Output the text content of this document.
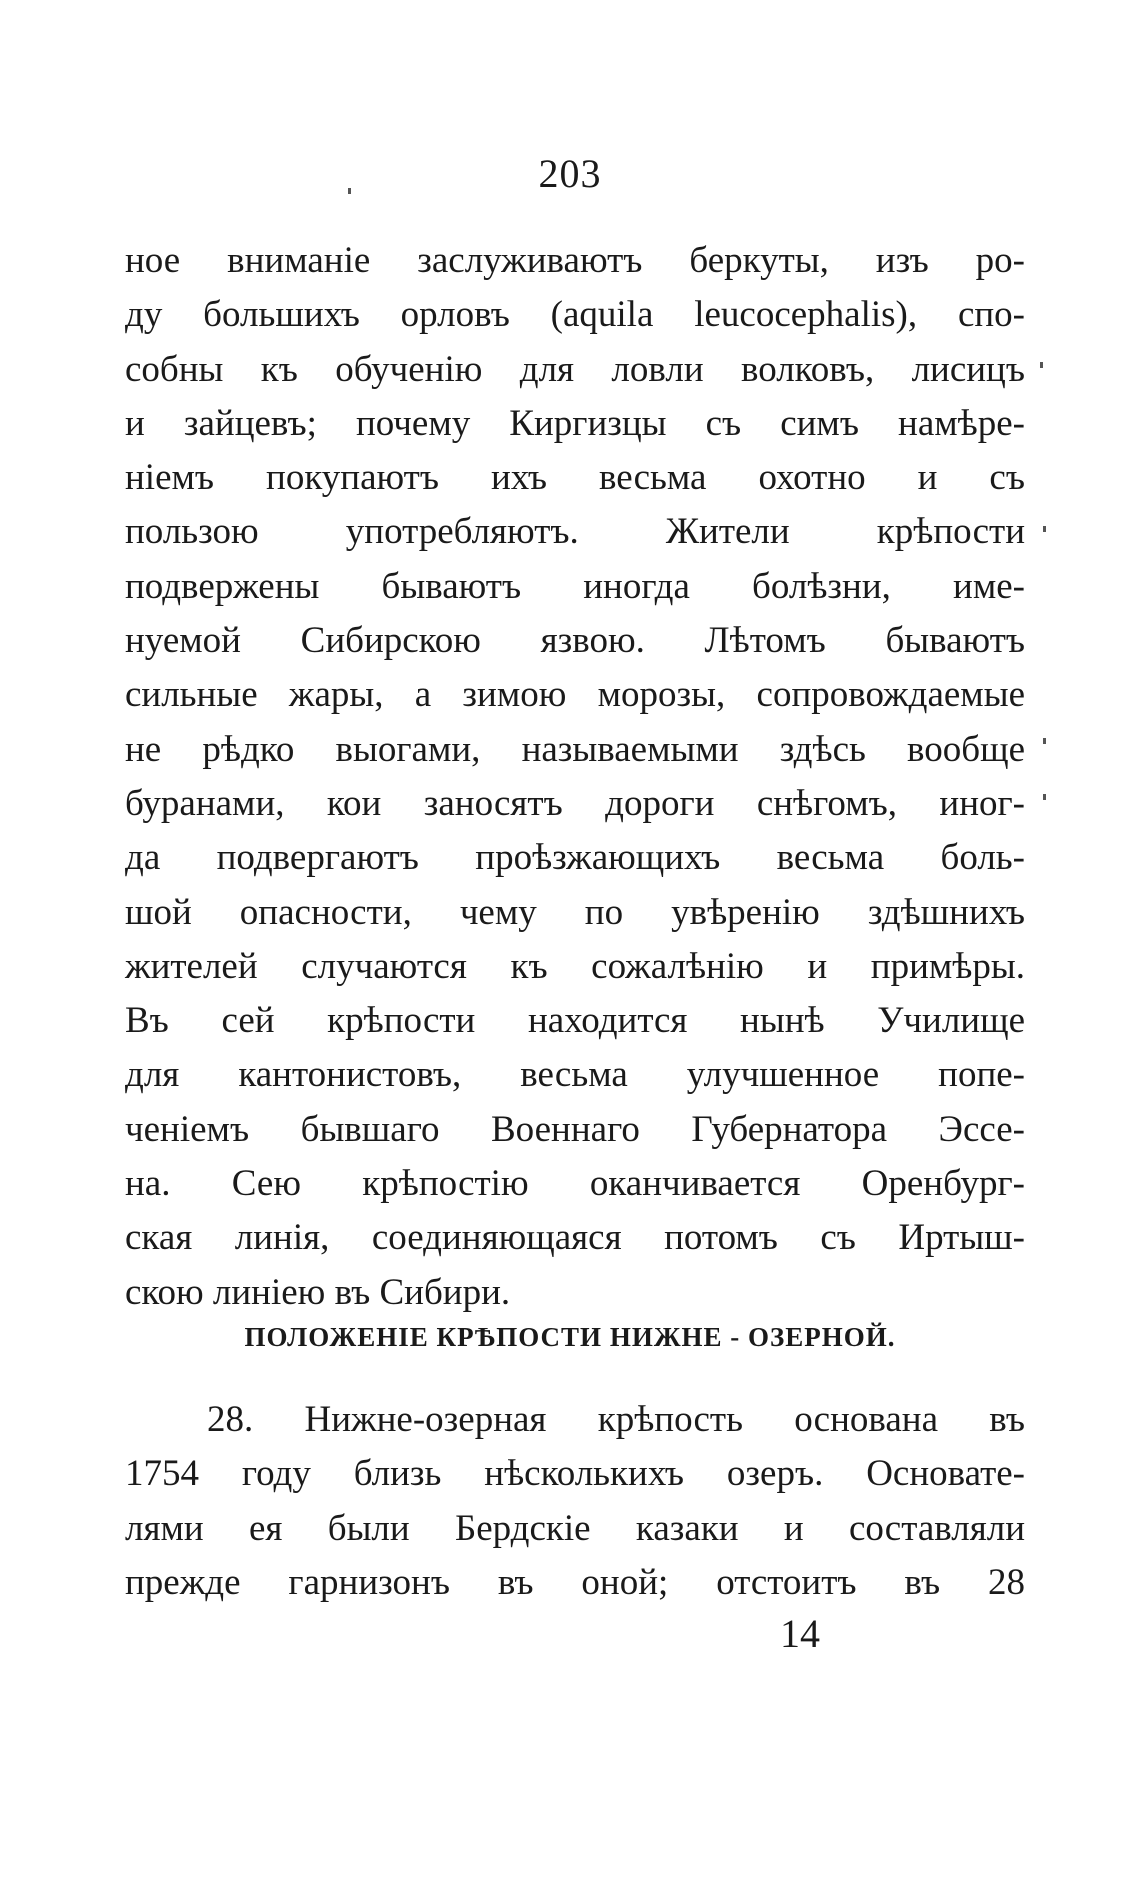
203
ное вниманіе заслуживаютъ беркуты, изъ ро-
ду большихъ орловъ (aquila leucocephalis), спо-
собны къ обученію для ловли волковъ, лисицъ
и зайцевъ; почему Киргизцы съ симъ намѣре-
ніемъ покупаютъ ихъ весьма охотно и съ
пользою употребляютъ. Жители крѣпости
подвержены бываютъ иногда болѣзни, име-
нуемой Сибирскою язвою. Лѣтомъ бываютъ
сильные жары, а зимою морозы, сопровождаемые
не рѣдко выогами, называемыми здѣсь вообще
буранами, кои заносятъ дороги снѣгомъ, иног-
да подвергаютъ проѣзжающихъ весьма боль-
шой опасности, чему по увѣренію здѣшнихъ
жителей случаются къ сожалѣнію и примѣры.
Въ сей крѣпости находится нынѣ Училище
для кантонистовъ, весьма улучшенное попе-
ченіемъ бывшаго Военнаго Губернатора Эссе-
на. Сею крѣпостію оканчивается Оренбург-
ская линія, соединяющаяся потомъ съ Иртыш-
скою линіею въ Сибири.
ПОЛОЖЕНІЕ КРѢПОСТИ НИЖНЕ - ОЗЕРНОЙ.
28. Нижне-озерная крѣпость основана въ
1754 году близь нѣсколькихъ озеръ. Основате-
лями ея были Бердскіе казаки и составляли
прежде гарнизонъ въ оной; отстоитъ въ 28
14
